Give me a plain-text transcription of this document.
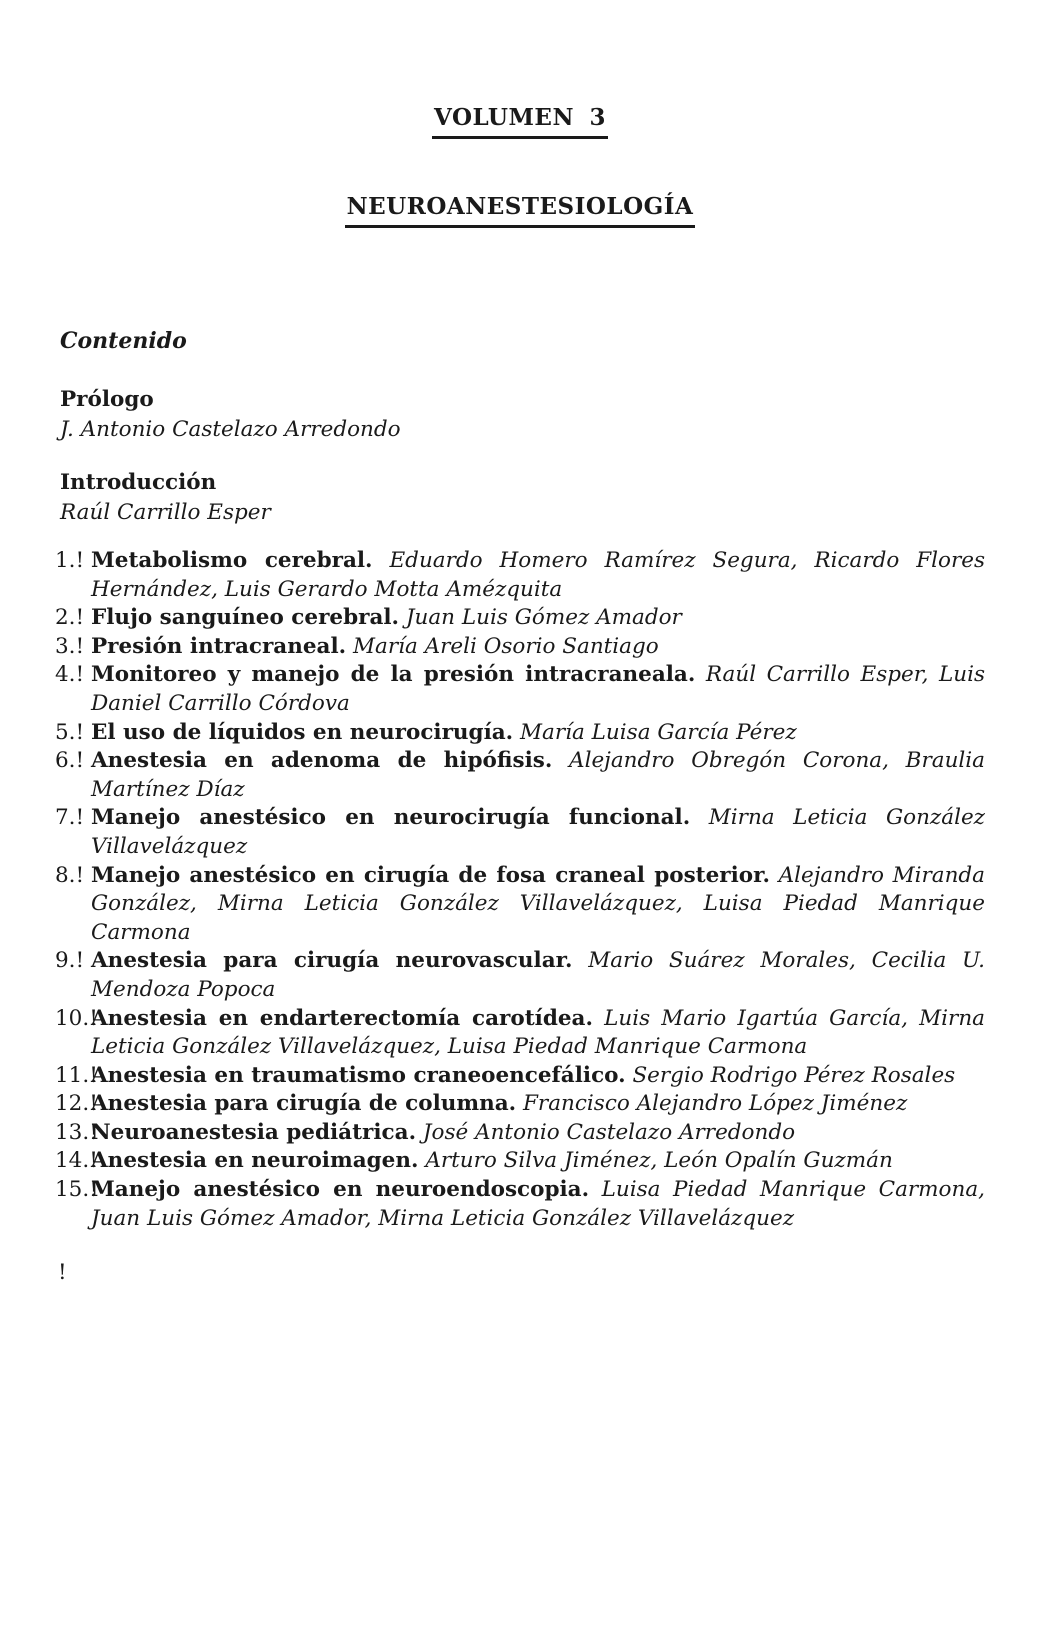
VOLUMEN 3
NEUROANESTESIOLOGÍA
Contenido
Prólogo
J. Antonio Castelazo Arredondo
Introducción
Raúl Carrillo Esper
1.! Metabolismo cerebral. Eduardo Homero Ramírez Segura, Ricardo Flores Hernández, Luis Gerardo Motta Amézquita
2.! Flujo sanguíneo cerebral. Juan Luis Gómez Amador
3.! Presión intracraneal. María Areli Osorio Santiago
4.! Monitoreo y manejo de la presión intracraneala. Raúl Carrillo Esper, Luis Daniel Carrillo Córdova
5.! El uso de líquidos en neurocirugía. María Luisa García Pérez
6.! Anestesia en adenoma de hipófisis. Alejandro Obregón Corona, Braulia Martínez Díaz
7.! Manejo anestésico en neurocirugía funcional. Mirna Leticia González Villavelázquez
8.! Manejo anestésico en cirugía de fosa craneal posterior. Alejandro Miranda González, Mirna Leticia González Villavelázquez, Luisa Piedad Manrique Carmona
9.! Anestesia para cirugía neurovascular. Mario Suárez Morales, Cecilia U. Mendoza Popoca
10.!
Anestesia en endarterectomía carotídea. Luis Mario Igartúa García, Mirna Leticia González Villavelázquez, Luisa Piedad Manrique Carmona
11.!
Anestesia en traumatismo craneoencefálico. Sergio Rodrigo Pérez Rosales
12.!
Anestesia para cirugía de columna. Francisco Alejandro López Jiménez
13.!
Neuroanestesia pediátrica. José Antonio Castelazo Arredondo
14.!
Anestesia en neuroimagen. Arturo Silva Jiménez, León Opalín Guzmán
15.!
Manejo anestésico en neuroendoscopia. Luisa Piedad Manrique Carmona, Juan Luis Gómez Amador, Mirna Leticia González Villavelázquez
!
